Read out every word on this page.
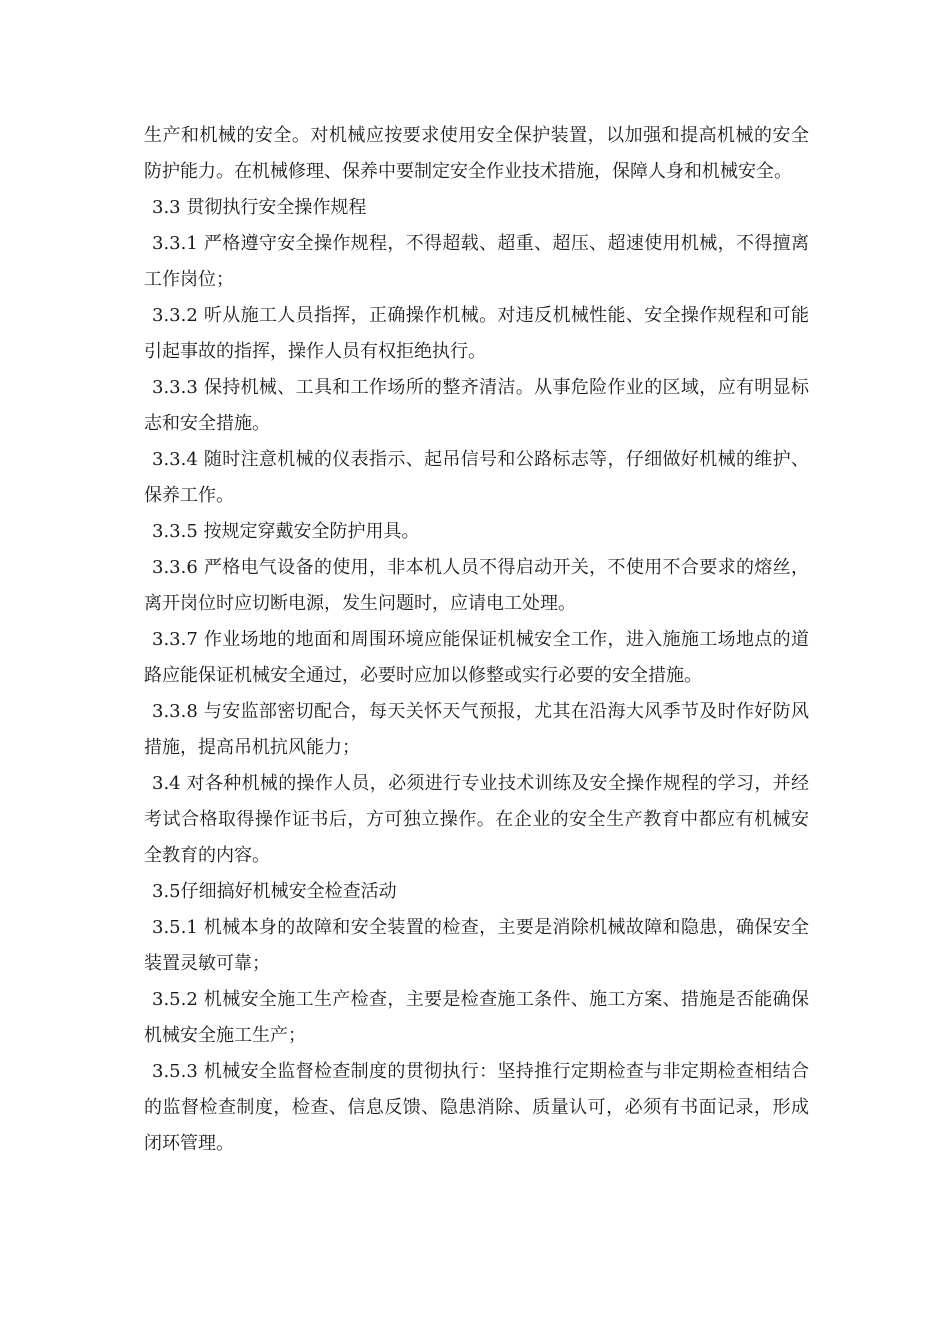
生产和机械的安全。对机械应按要求使用安全保护装置，以加强和提高机械的安全防护能力。在机械修理、保养中要制定安全作业技术措施，保障人身和机械安全。

3.3 贯彻执行安全操作规程

3.3.1 严格遵守安全操作规程，不得超载、超重、超压、超速使用机械，不得擅离工作岗位；

3.3.2 听从施工人员指挥，正确操作机械。对违反机械性能、安全操作规程和可能引起事故的指挥，操作人员有权拒绝执行。

3.3.3 保持机械、工具和工作场所的整齐清洁。从事危险作业的区域，应有明显标志和安全措施。

3.3.4 随时注意机械的仪表指示、起吊信号和公路标志等，仔细做好机械的维护、保养工作。

3.3.5 按规定穿戴安全防护用具。

3.3.6 严格电气设备的使用，非本机人员不得启动开关，不使用不合要求的熔丝，离开岗位时应切断电源，发生问题时，应请电工处理。

3.3.7 作业场地的地面和周围环境应能保证机械安全工作，进入施施工场地点的道路应能保证机械安全通过，必要时应加以修整或实行必要的安全措施。

3.3.8 与安监部密切配合，每天关怀天气预报，尤其在沿海大风季节及时作好防风措施，提高吊机抗风能力；

3.4 对各种机械的操作人员，必须进行专业技术训练及安全操作规程的学习，并经考试合格取得操作证书后，方可独立操作。在企业的安全生产教育中都应有机械安全教育的内容。

3.5仔细搞好机械安全检查活动

3.5.1 机械本身的故障和安全装置的检查，主要是消除机械故障和隐患，确保安全装置灵敏可靠；

3.5.2 机械安全施工生产检查，主要是检查施工条件、施工方案、措施是否能确保机械安全施工生产；

3.5.3 机械安全监督检查制度的贯彻执行：坚持推行定期检查与非定期检查相结合的监督检查制度，检查、信息反馈、隐患消除、质量认可，必须有书面记录，形成闭环管理。
